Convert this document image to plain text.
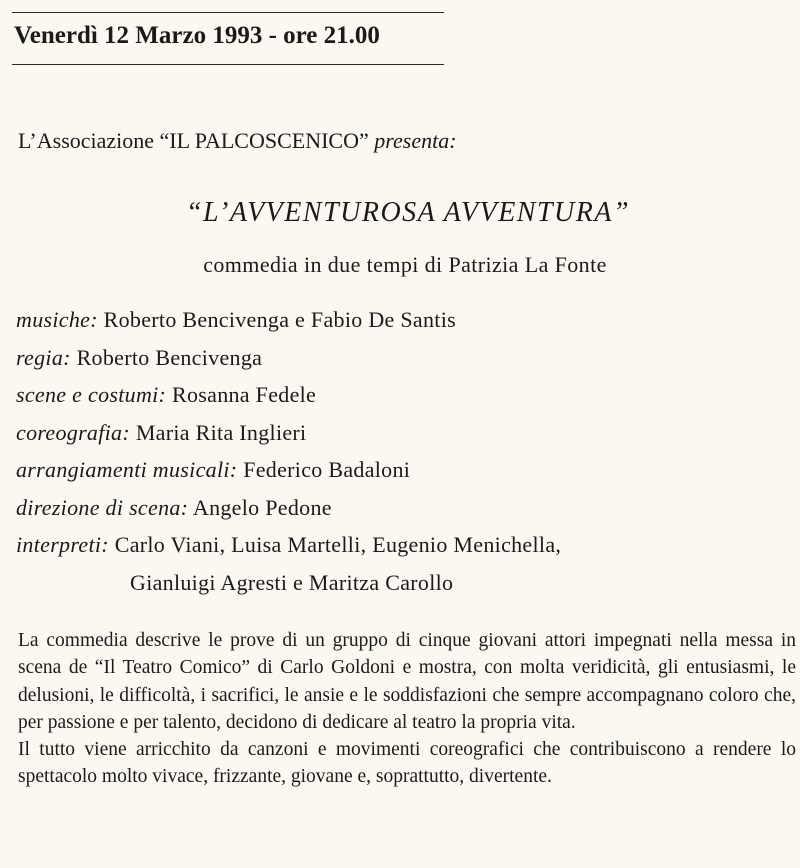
Venerdì 12 Marzo 1993 - ore 21.00
L’Associazione “IL PALCOSCENICO” presenta:
“L’AVVENTUROSA AVVENTURA”
commedia in due tempi di Patrizia La Fonte
musiche: Roberto Bencivenga e Fabio De Santis
regia: Roberto Bencivenga
scene e costumi: Rosanna Fedele
coreografia: Maria Rita Inglieri
arrangiamenti musicali: Federico Badaloni
direzione di scena: Angelo Pedone
interpreti: Carlo Viani, Luisa Martelli, Eugenio Menichella,
Gianluigi Agresti e Maritza Carollo

La commedia descrive le prove di un gruppo di cinque giovani attori impegnati nella messa in scena de “Il Teatro Comico” di Carlo Goldoni e mostra, con molta veridicità, gli entusiasmi, le delusioni, le difficoltà, i sacrifici, le ansie e le soddisfazioni che sempre accompagnano coloro che, per passione e per talento, decidono di dedicare al teatro la propria vita.

Il tutto viene arricchito da canzoni e movimenti coreografici che contribuiscono a rendere lo spettacolo molto vivace, frizzante, giovane e, soprattutto, divertente.
